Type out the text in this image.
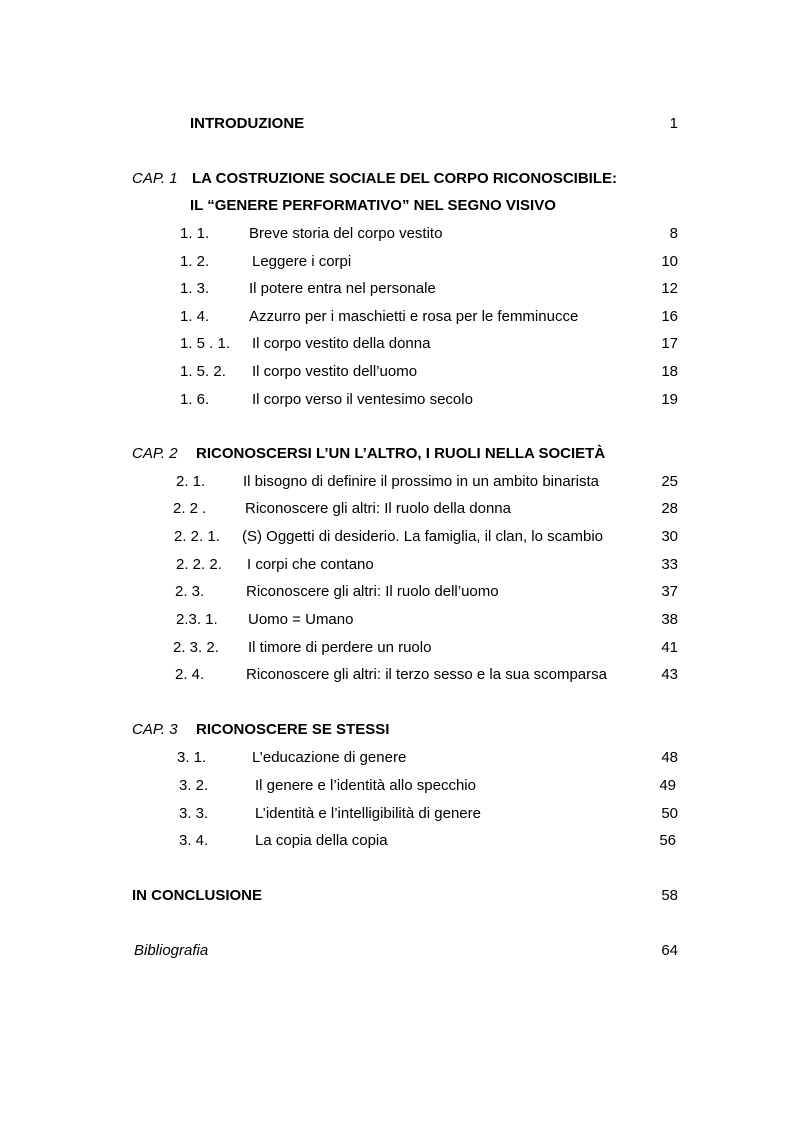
INTRODUZIONE	1
CAP. 1 LA COSTRUZIONE SOCIALE DEL CORPO RICONOSCIBILE:
IL “GENERE PERFORMATIVO” NEL SEGNO VISIVO
1. 1.	Breve storia del corpo vestito	8
1. 2.	Leggere i corpi	10
1. 3.	Il potere entra nel personale	12
1. 4.	Azzurro per i maschietti e rosa per le femminucce	16
1. 5 . 1. Il corpo vestito della donna	17
1. 5. 2. Il corpo vestito dell’uomo	18
1. 6.	Il corpo verso il ventesimo secolo	19
CAP. 2 RICONOSCERSI L’UN L’ALTRO, I RUOLI NELLA SOCIETÀ
2. 1.	Il bisogno di definire il prossimo in un ambito binarista	25
2. 2 .	Riconoscere gli altri: Il ruolo della donna	28
2. 2. 1. (S) Oggetti di desiderio. La famiglia, il clan, lo scambio	30
2. 2. 2. I corpi che contano	33
2. 3.	Riconoscere gli altri: Il ruolo dell’uomo	37
2.3. 1. Uomo = Umano	38
2. 3. 2. Il timore di perdere un ruolo	41
2. 4.	Riconoscere gli altri: il terzo sesso e la sua scomparsa	43
CAP. 3 RICONOSCERE SE STESSI
3. 1.	L’educazione di genere	48
3. 2.	Il genere e l’identità allo specchio	49
3. 3.	L’identità e l’intelligibilità di genere	50
3. 4.	La copia della copia	56
IN CONCLUSIONE	58
Bibliografia	64
